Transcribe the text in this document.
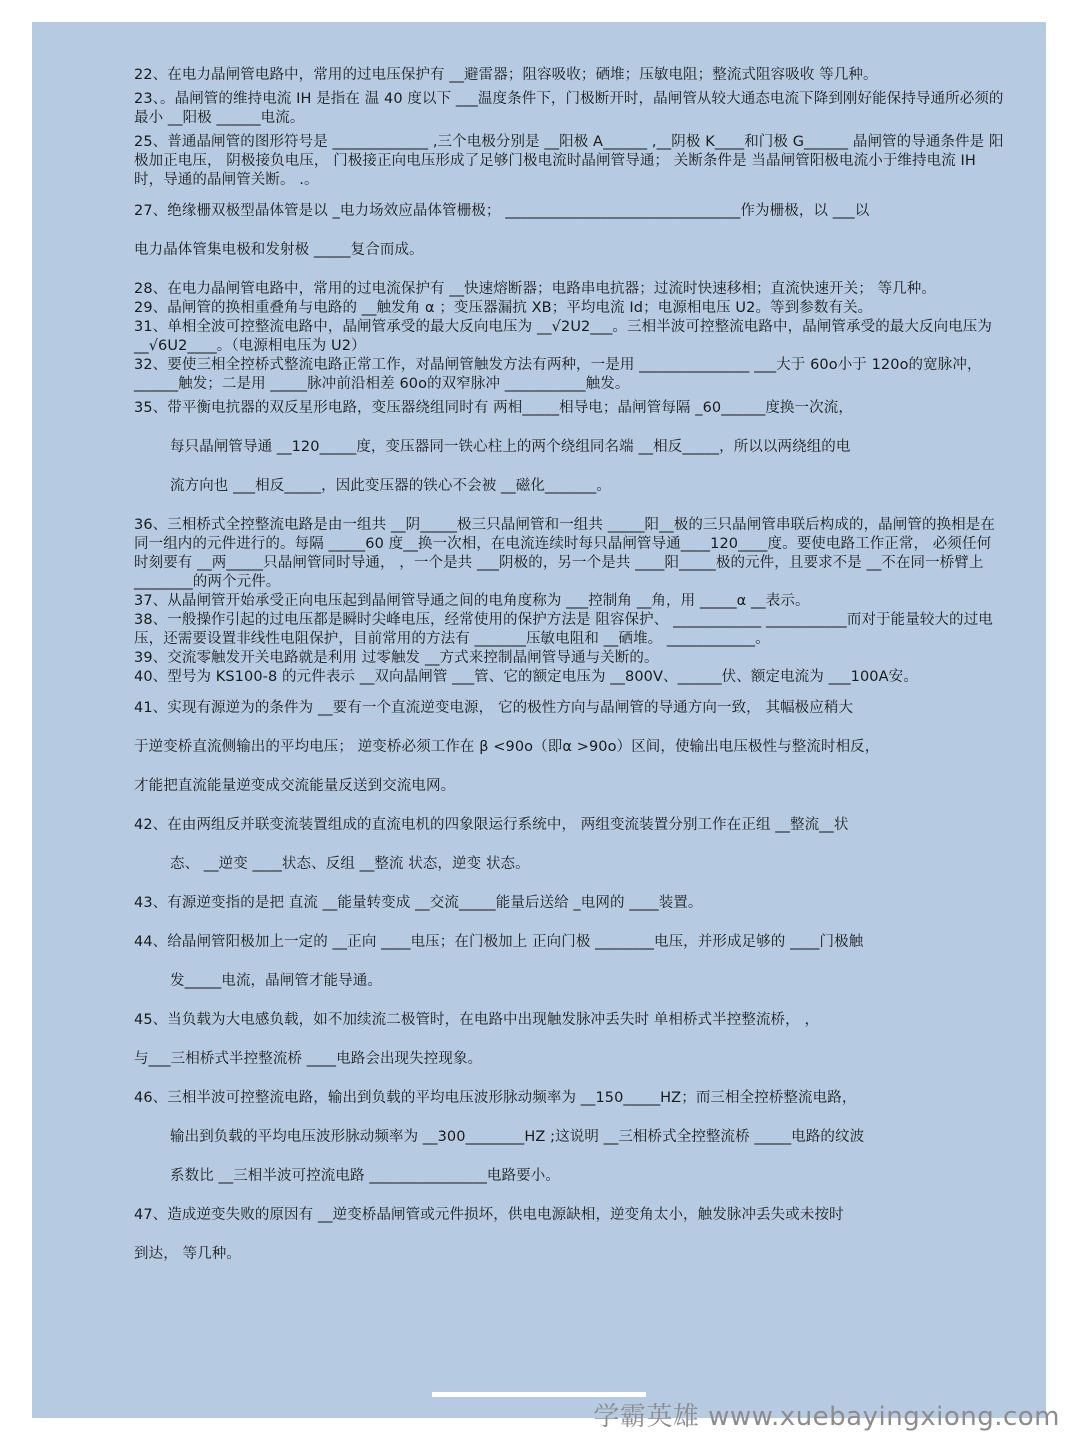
22、在电力晶闸管电路中，常用的过电压保护有 __避雷器；阻容吸收；硒堆；压敏电阻；整流式阻容吸收 等几种。

23、。晶闸管的维持电流 IH 是指在 温 40 度以下 ___温度条件下，门极断开时，晶闸管从较大通态电流下降到刚好能保持导通所必须的最小 __阳极 ______电流。

25、普通晶闸管的图形符号是 _____________ ,三个电极分别是 __阳极 A______ ,__阴极 K____和门极 G______ 晶闸管的导通条件是 阳极加正电压， 阴极接负电压， 门极接正向电压形成了足够门极电流时晶闸管导通； 关断条件是 当晶闸管阳极电流小于维持电流 IH 时，导通的晶闸管关断。 .。

27、绝缘栅双极型晶体管是以 _电力场效应晶体管栅极； ________________________________作为栅极，以 ___以

电力晶体管集电极和发射极 _____复合而成。

28、在电力晶闸管电路中，常用的过电流保护有 __快速熔断器；电路串电抗器；过流时快速移相；直流快速开关； 等几种。

29、晶闸管的换相重叠角与电路的 __触发角 α ；变压器漏抗 XB；平均电流 Id；电源相电压 U2。等到参数有关。

31、单相全波可控整流电路中，晶闸管承受的最大反向电压为 __√2U2___。三相半波可控整流电路中，晶闸管承受的最大反向电压为 __√6U2____。（电源相电压为 U2）

32、要使三相全控桥式整流电路正常工作，对晶闸管触发方法有两种，一是用 _______________ ___大于 60o小于 120o的宽脉冲，______触发；二是用 _____脉冲前沿相差 60o的双窄脉冲 ___________触发。

35、带平衡电抗器的双反星形电路，变压器绕组同时有 两相_____相导电；晶闸管每隔 _60______度换一次流，

每只晶闸管导通 __120_____度，变压器同一铁心柱上的两个绕组同名端 __相反_____，所以以两绕组的电

流方向也 ___相反_____，因此变压器的铁心不会被 __磁化_______。

36、三相桥式全控整流电路是由一组共 __阴_____极三只晶闸管和一组共 _____阳__极的三只晶闸管串联后构成的，晶闸管的换相是在同一组内的元件进行的。每隔 _____60 度__换一次相，在电流连续时每只晶闸管导通____120____度。要使电路工作正常， 必须任何时刻要有 __两_____只晶闸管同时导通， ，一个是共 ___阴极的，另一个是共 ____阳_____极的元件，且要求不是 __不在同一桥臂上 ________的两个元件。

37、从晶闸管开始承受正向电压起到晶闸管导通之间的电角度称为 ___控制角 __角，用 _____α __表示。

38、一般操作引起的过电压都是瞬时尖峰电压，经常使用的保护方法是 阻容保护、 ____________ ___________而对于能量较大的过电压，还需要设置非线性电阻保护，目前常用的方法有 _______压敏电阻和 __硒堆。 ____________。

39、交流零触发开关电路就是利用 过零触发 __方式来控制晶闸管导通与关断的。

40、型号为 KS100-8 的元件表示 __双向晶闸管 ___管、它的额定电压为 __800V、______伏、额定电流为 ___100A安。

41、实现有源逆为的条件为 __要有一个直流逆变电源， 它的极性方向与晶闸管的导通方向一致， 其幅极应稍大

于逆变桥直流侧输出的平均电压； 逆变桥必须工作在 β <90o（即α >90o）区间，使输出电压极性与整流时相反，

才能把直流能量逆变成交流能量反送到交流电网。

42、在由两组反并联变流装置组成的直流电机的四象限运行系统中， 两组变流装置分别工作在正组 __整流__状

态、 __逆变 ____状态、反组 __整流 状态，逆变 状态。

43、有源逆变指的是把 直流 __能量转变成 __交流_____能量后送给 _电网的 ____装置。

44、给晶闸管阳极加上一定的 __正向 ____电压；在门极加上 正向门极 ________电压，并形成足够的 ____门极触

发_____电流，晶闸管才能导通。

45、当负载为大电感负载，如不加续流二极管时，在电路中出现触发脉冲丢失时 单相桥式半控整流桥， ，

与___三相桥式半控整流桥 ____电路会出现失控现象。

46、三相半波可控整流电路，输出到负载的平均电压波形脉动频率为 __150_____HZ；而三相全控桥整流电路，

输出到负载的平均电压波形脉动频率为 __300________HZ ;这说明 __三相桥式全控整流桥 _____电路的纹波

系数比 __三相半波可控流电路 ________________电路要小。

47、造成逆变失败的原因有 __逆变桥晶闸管或元件损坏，供电电源缺相，逆变角太小，触发脉冲丢失或未按时

到达， 等几种。

学霸英雄 www.xuebayingxiong.com
